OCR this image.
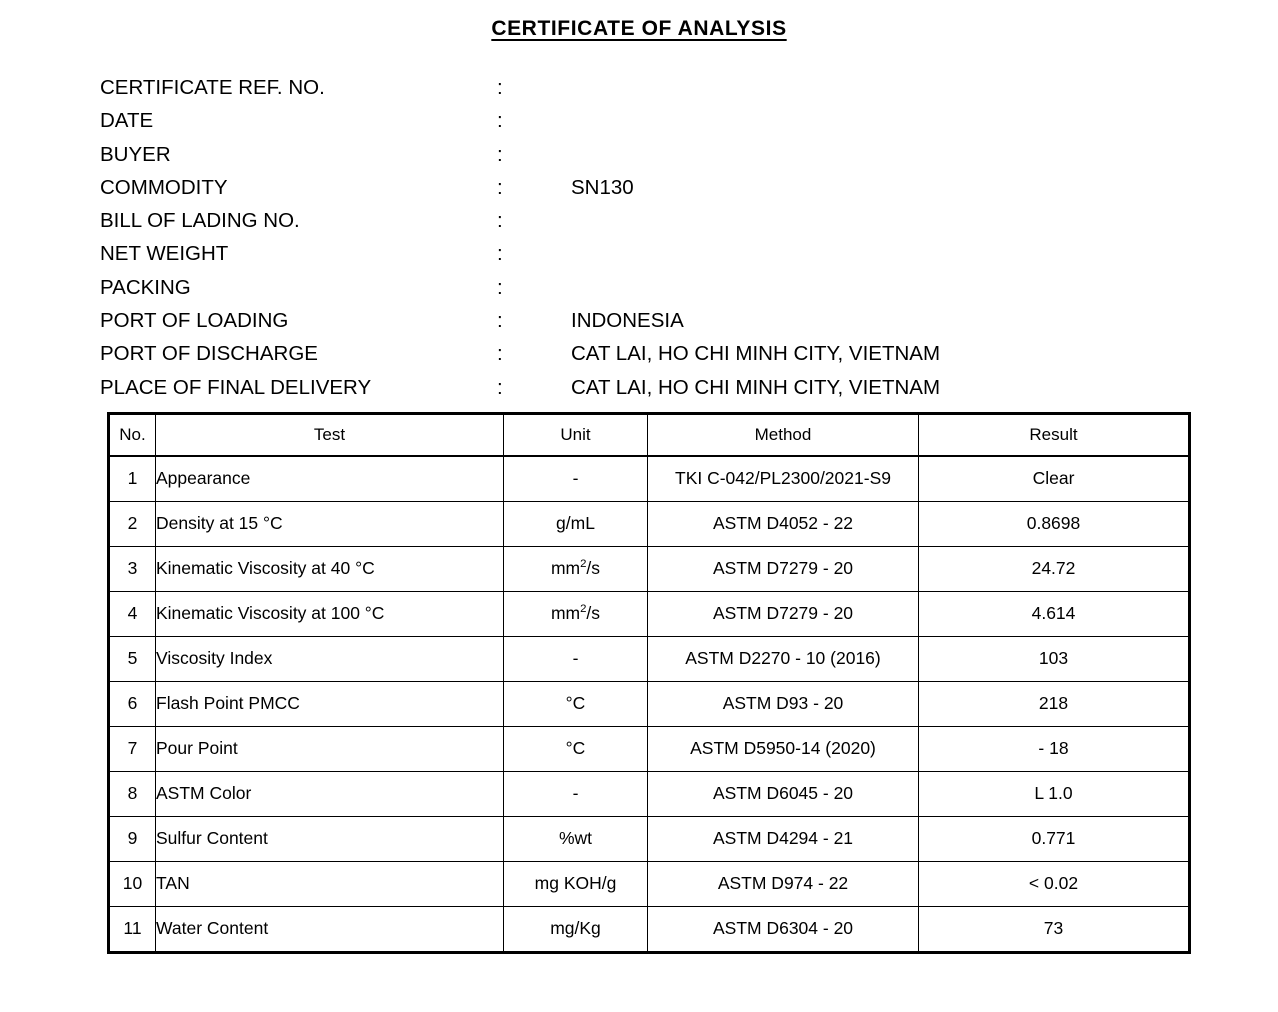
CERTIFICATE OF ANALYSIS
CERTIFICATE REF. NO.	:
DATE	:
BUYER	:
COMMODITY	:	SN130
BILL OF LADING NO.	:
NET WEIGHT	:
PACKING	:
PORT OF LOADING	:	INDONESIA
PORT OF DISCHARGE	:	CAT LAI, HO CHI MINH CITY, VIETNAM
PLACE OF FINAL DELIVERY	:	CAT LAI, HO CHI MINH CITY, VIETNAM
No.	Test	Unit	Method	Result
1	Appearance	-	TKI C-042/PL2300/2021-S9	Clear
2	Density at 15 °C	g/mL	ASTM D4052 - 22	0.8698
3	Kinematic Viscosity at 40 °C	$mm^2/s$	ASTM D7279 - 20	24.72
4	Kinematic Viscosity at 100 °C	$mm^2/s$	ASTM D7279 - 20	4.614
5	Viscosity Index	-	ASTM D2270 - 10 (2016)	103
6	Flash Point PMCC	°C	ASTM D93 - 20	218
7	Pour Point	°C	ASTM D5950-14 (2020)	- 18
8	ASTM Color	-	ASTM D6045 - 20	L 1.0
9	Sulfur Content	%wt	ASTM D4294 - 21	0.771
10	TAN	mg KOH/g	ASTM D974 - 22	< 0.02
11	Water Content	mg/Kg	ASTM D6304 - 20	73
